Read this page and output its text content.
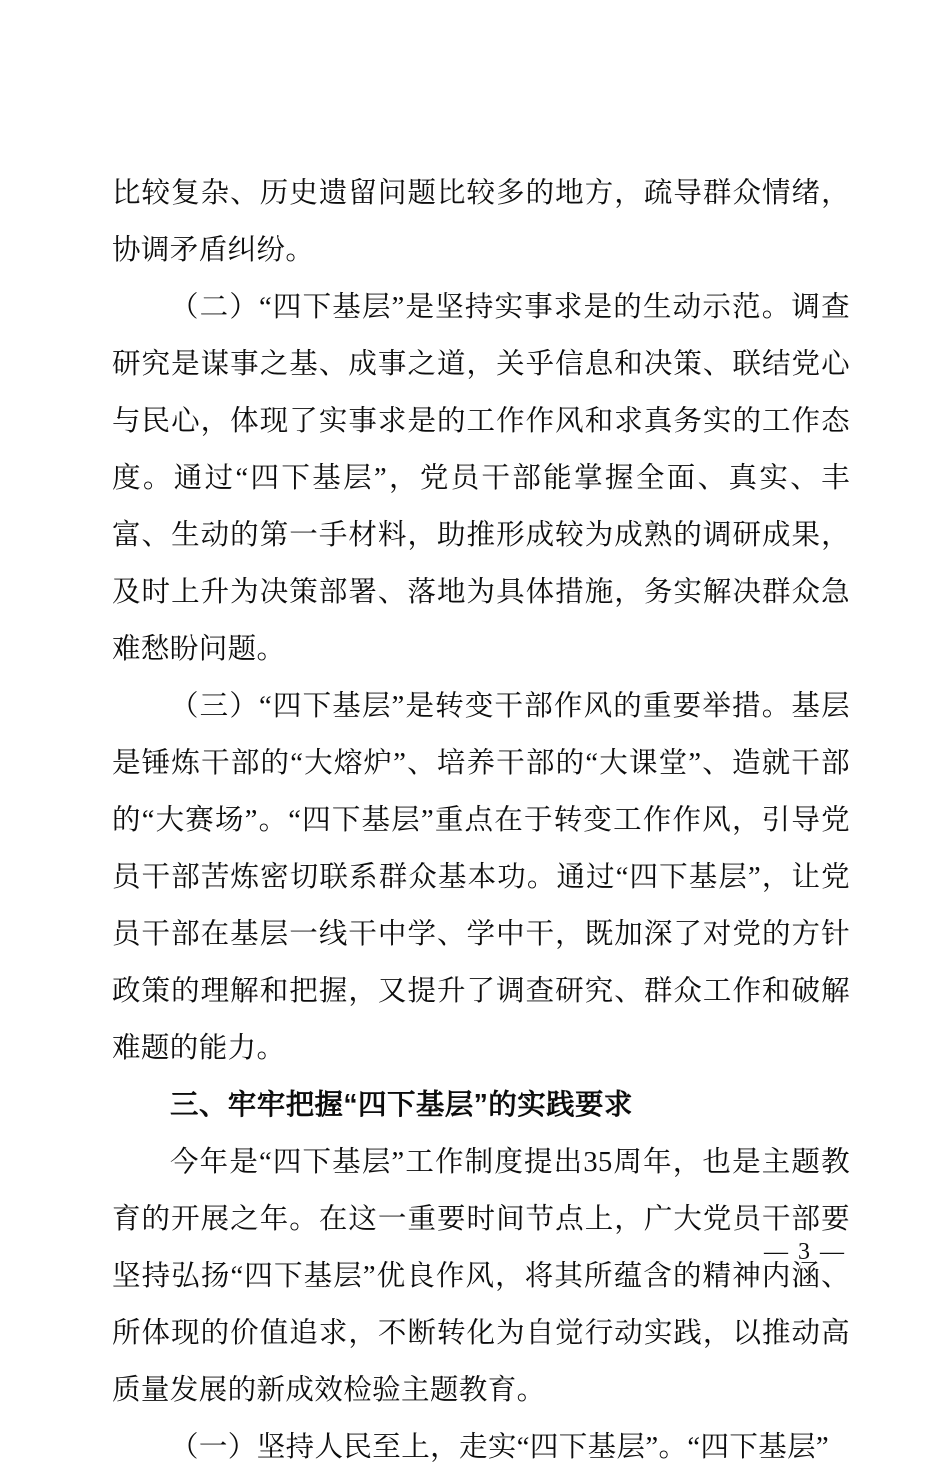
比较复杂、历史遗留问题比较多的地方，疏导群众情绪，协调矛盾纠纷。

（二）“四下基层”是坚持实事求是的生动示范。调查研究是谋事之基、成事之道，关乎信息和决策、联结党心与民心，体现了实事求是的工作作风和求真务实的工作态度。通过“四下基层”，党员干部能掌握全面、真实、丰富、生动的第一手材料，助推形成较为成熟的调研成果，及时上升为决策部署、落地为具体措施，务实解决群众急难愁盼问题。

（三）“四下基层”是转变干部作风的重要举措。基层是锤炼干部的“大熔炉”、培养干部的“大课堂”、造就干部的“大赛场”。“四下基层”重点在于转变工作作风，引导党员干部苦炼密切联系群众基本功。通过“四下基层”，让党员干部在基层一线干中学、学中干，既加深了对党的方针政策的理解和把握，又提升了调查研究、群众工作和破解难题的能力。

三、牢牢把握“四下基层”的实践要求

今年是“四下基层”工作制度提出35周年，也是主题教育的开展之年。在这一重要时间节点上，广大党员干部要坚持弘扬“四下基层”优良作风，将其所蕴含的精神内涵、所体现的价值追求，不断转化为自觉行动实践，以推动高质量发展的新成效检验主题教育。

（一）坚持人民至上，走实“四下基层”。“四下基层”

— 3 —
